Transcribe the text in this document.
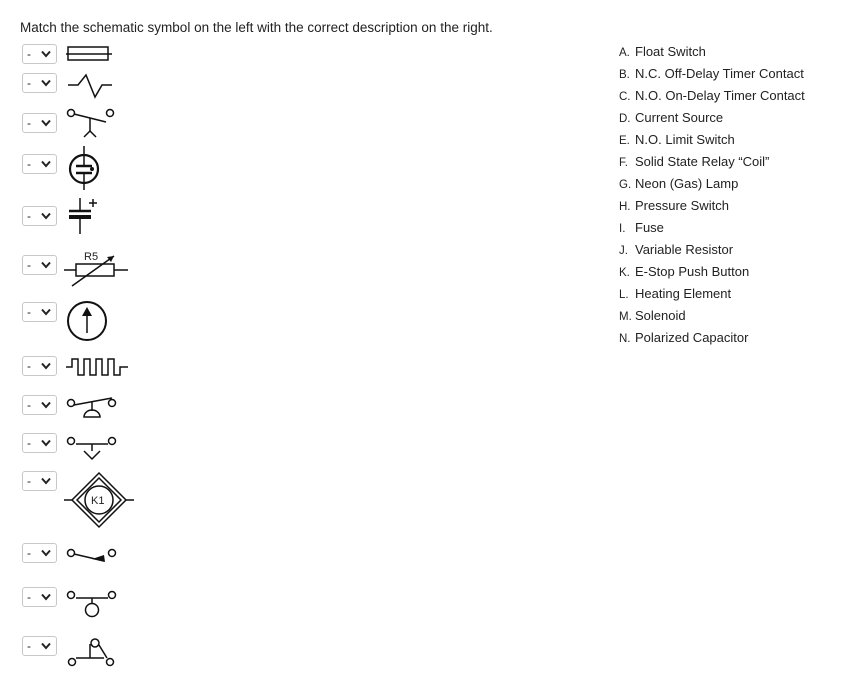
Match the schematic symbol on the left with the correct description on the right.
-
-
-
-
-
-
R5
-
-
-
-
-
K1
-
-
-
A. Float Switch
B. N.C. Off-Delay Timer Contact
C. N.O. On-Delay Timer Contact
D. Current Source
E. N.O. Limit Switch
F. Solid State Relay “Coil”
G. Neon (Gas) Lamp
H. Pressure Switch
I. Fuse
J. Variable Resistor
K. E-Stop Push Button
L. Heating Element
M. Solenoid
N. Polarized Capacitor
